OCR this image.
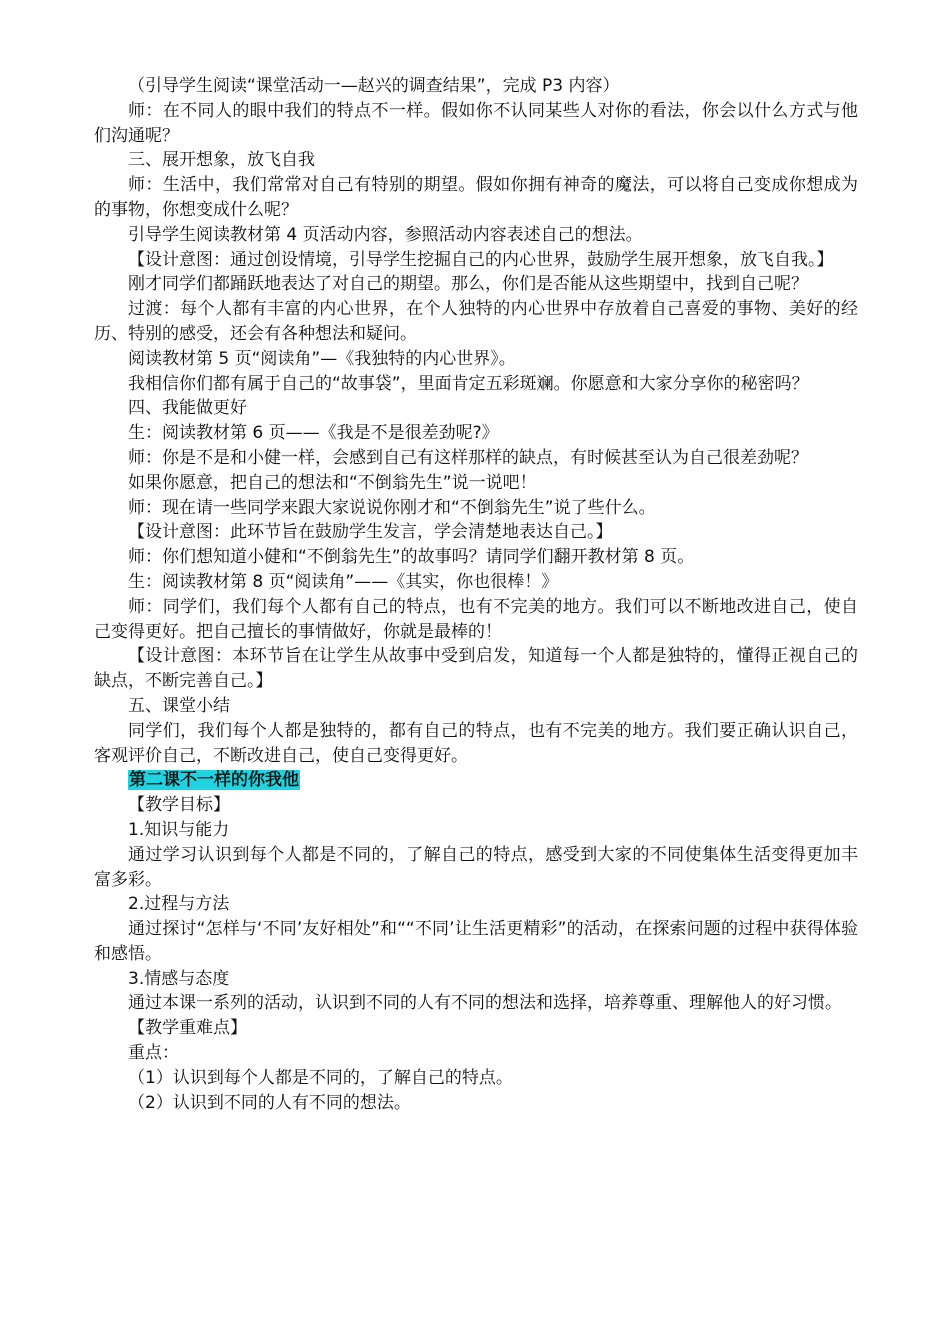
（引导学生阅读“课堂活动一—赵兴的调查结果”，完成 P3 内容）

师：在不同人的眼中我们的特点不一样。假如你不认同某些人对你的看法，你会以什么方式与他们沟通呢？

三、展开想象，放飞自我

师：生活中，我们常常对自己有特别的期望。假如你拥有神奇的魔法，可以将自己变成你想成为的事物，你想变成什么呢？

引导学生阅读教材第 4 页活动内容，参照活动内容表述自己的想法。

【设计意图：通过创设情境，引导学生挖掘自己的内心世界，鼓励学生展开想象，放飞自我。】

刚才同学们都踊跃地表达了对自己的期望。那么，你们是否能从这些期望中，找到自己呢？

过渡：每个人都有丰富的内心世界，在个人独特的内心世界中存放着自己喜爱的事物、美好的经历、特别的感受，还会有各种想法和疑问。

阅读教材第 5 页“阅读角”—《我独特的内心世界》。

我相信你们都有属于自己的“故事袋”，里面肯定五彩斑斓。你愿意和大家分享你的秘密吗？

四、我能做更好

生：阅读教材第 6 页——《我是不是很差劲呢?》

师：你是不是和小健一样，会感到自己有这样那样的缺点，有时候甚至认为自己很差劲呢？

如果你愿意，把自己的想法和“不倒翁先生”说一说吧！

师：现在请一些同学来跟大家说说你刚才和“不倒翁先生”说了些什么。

【设计意图：此环节旨在鼓励学生发言，学会清楚地表达自己。】

师：你们想知道小健和“不倒翁先生”的故事吗？请同学们翻开教材第 8 页。

生：阅读教材第 8 页“阅读角”——《其实，你也很棒！》

师：同学们，我们每个人都有自己的特点，也有不完美的地方。我们可以不断地改进自己，使自己变得更好。把自己擅长的事情做好，你就是最棒的！

【设计意图：本环节旨在让学生从故事中受到启发，知道每一个人都是独特的，懂得正视自己的缺点，不断完善自己。】

五、课堂小结

同学们，我们每个人都是独特的，都有自己的特点，也有不完美的地方。我们要正确认识自己，客观评价自己，不断改进自己，使自己变得更好。

第二课不一样的你我他

【教学目标】

1.知识与能力

通过学习认识到每个人都是不同的，了解自己的特点，感受到大家的不同使集体生活变得更加丰富多彩。

2.过程与方法

通过探讨“怎样与‘不同’友好相处”和““不同’让生活更精彩”的活动，在探索问题的过程中获得体验和感悟。

3.情感与态度

通过本课一系列的活动，认识到不同的人有不同的想法和选择，培养尊重、理解他人的好习惯。

【教学重难点】

重点：

（1）认识到每个人都是不同的，了解自己的特点。

（2）认识到不同的人有不同的想法。
